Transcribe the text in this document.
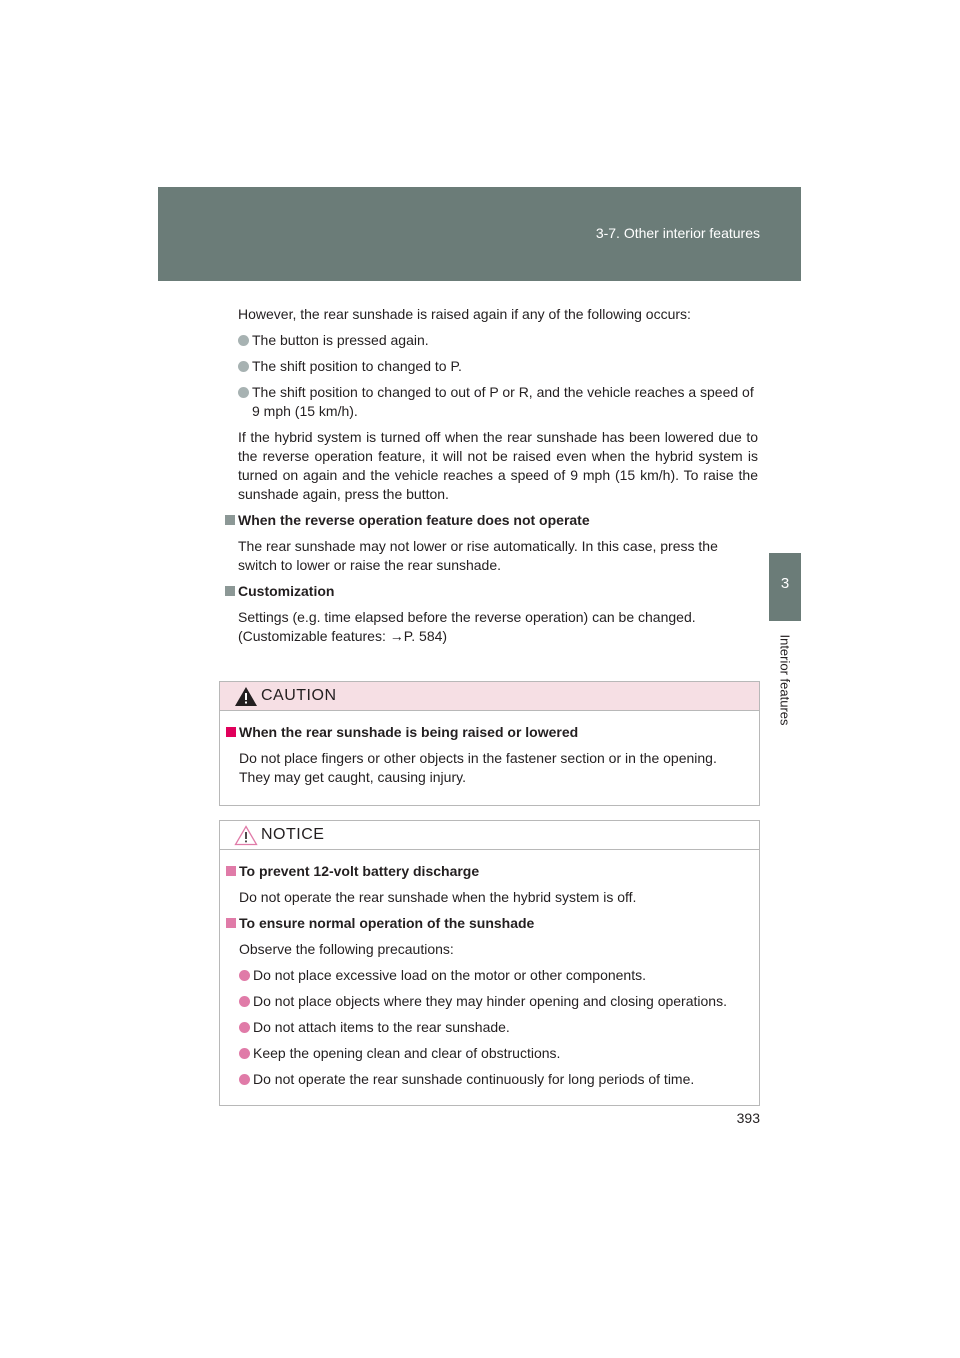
3-7. Other interior features
3
Interior features

However, the rear sunshade is raised again if any of the following occurs:

The button is pressed again.
The shift position to changed to P.
The shift position to changed to out of P or R, and the vehicle reaches a speed of 9 mph (15 km/h).

If the hybrid system is turned off when the rear sunshade has been lowered due to the reverse operation feature, it will not be raised even when the hybrid system is turned on again and the vehicle reaches a speed of 9 mph (15 km/h). To raise the sunshade again, press the button.

When the reverse operation feature does not operate

The rear sunshade may not lower or rise automatically. In this case, press the switch to lower or raise the rear sunshade.

Customization

Settings (e.g. time elapsed before the reverse operation) can be changed.

(Customizable features: →P. 584)

CAUTION
When the rear sunshade is being raised or lowered

Do not place fingers or other objects in the fastener section or in the opening. They may get caught, causing injury.

NOTICE
To prevent 12-volt battery discharge

Do not operate the rear sunshade when the hybrid system is off.

To ensure normal operation of the sunshade

Observe the following precautions:

Do not place excessive load on the motor or other components.
Do not place objects where they may hinder opening and closing operations.
Do not attach items to the rear sunshade.
Keep the opening clean and clear of obstructions.
Do not operate the rear sunshade continuously for long periods of time.
393
